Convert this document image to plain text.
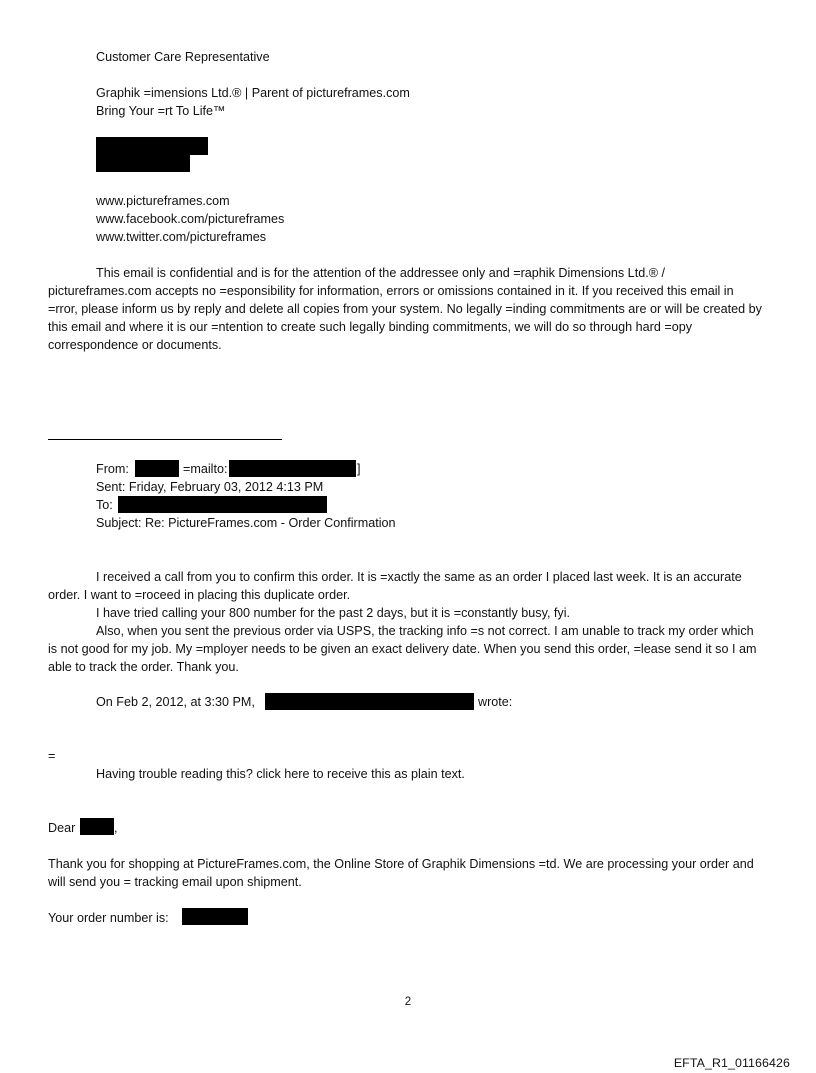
Customer Care Representative
Graphik =imensions Ltd.® | Parent of pictureframes.com
Bring Your =rt To Life™
www.pictureframes.com
www.facebook.com/pictureframes
www.twitter.com/pictureframes
This email is confidential and is for the attention of the addressee only and =raphik Dimensions Ltd.® / pictureframes.com accepts no =esponsibility for information, errors or omissions contained in it. If you received this email in =rror, please inform us by reply and delete all copies from your system. No legally =inding commitments are or will be created by this email and where it is our =ntention to create such legally binding commitments, we will do so through hard =opy correspondence or documents.
From:	=mailto:	]
Sent: Friday, February 03, 2012 4:13 PM
To:
Subject: Re: PictureFrames.com - Order Confirmation
I received a call from you to confirm this order. It is =xactly the same as an order I placed last week. It is an accurate order. I want to =roceed in placing this duplicate order.
I have tried calling your 800 number for the past 2 days, but it is =constantly busy, fyi.
Also, when you sent the previous order via USPS, the tracking info =s not correct. I am unable to track my order which is not good for my job. My =mployer needs to be given an exact delivery date. When you send this order, =lease send it so I am able to track the order. Thank you.
On Feb 2, 2012, at 3:30 PM,	wrote:
=
Having trouble reading this? click here to receive this as plain text.
Dear	,
Thank you for shopping at PictureFrames.com, the Online Store of Graphik Dimensions =td. We are processing your order and will send you = tracking email upon shipment.
Your order number is:
2
EFTA_R1_01166426
